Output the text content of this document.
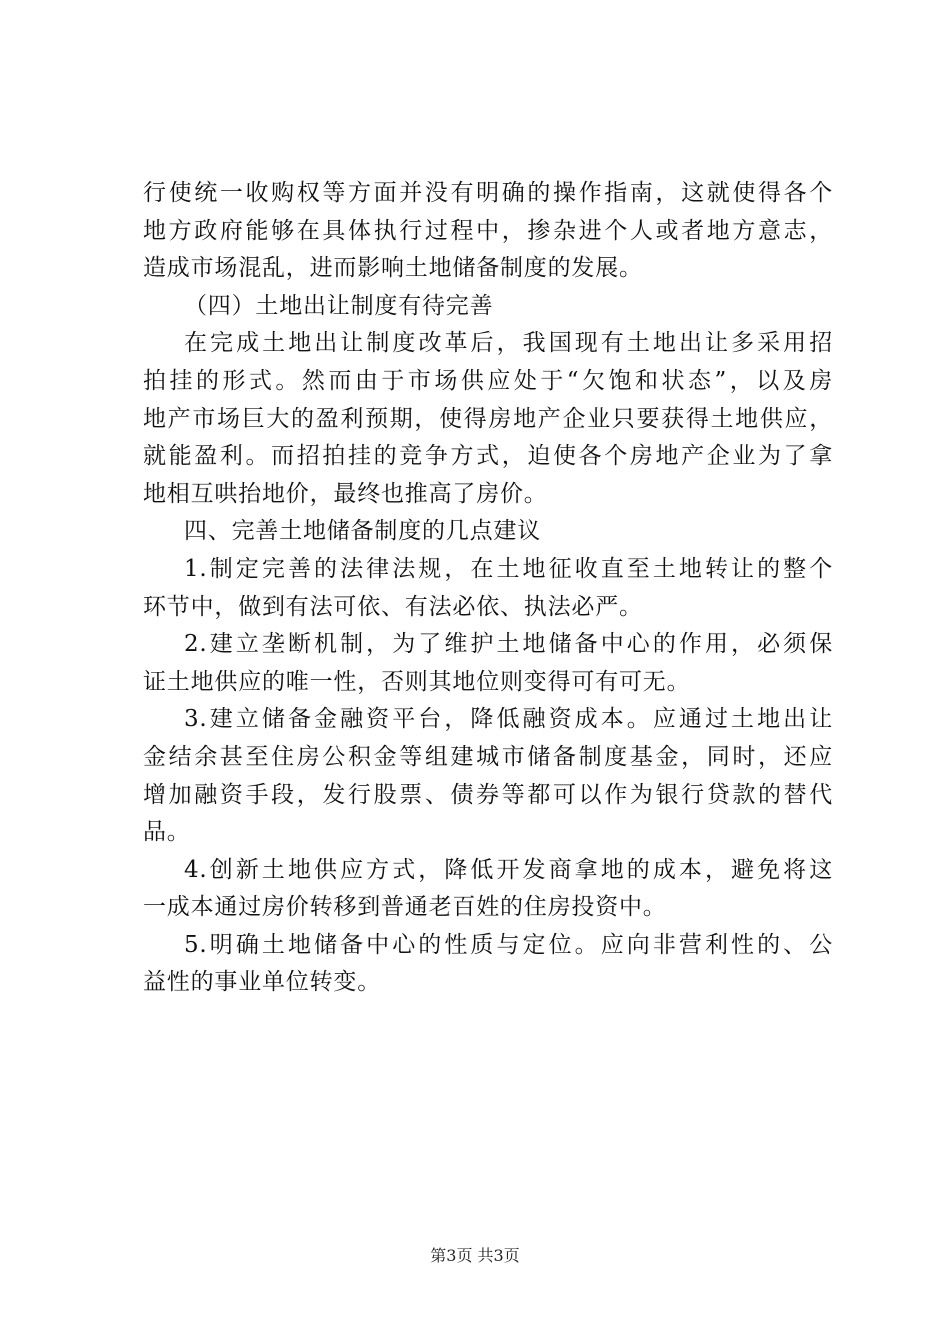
行使统一收购权等方面并没有明确的操作指南，这就使得各个
地方政府能够在具体执行过程中，掺杂进个人或者地方意志，
造成市场混乱，进而影响土地储备制度的发展。
（四）土地出让制度有待完善
在完成土地出让制度改革后，我国现有土地出让多采用招
拍挂的形式。然而由于市场供应处于“欠饱和状态”，以及房
地产市场巨大的盈利预期，使得房地产企业只要获得土地供应，
就能盈利。而招拍挂的竞争方式，迫使各个房地产企业为了拿
地相互哄抬地价，最终也推高了房价。
四、完善土地储备制度的几点建议
1.制定完善的法律法规，在土地征收直至土地转让的整个
环节中，做到有法可依、有法必依、执法必严。
2.建立垄断机制，为了维护土地储备中心的作用，必须保
证土地供应的唯一性，否则其地位则变得可有可无。
3.建立储备金融资平台，降低融资成本。应通过土地出让
金结余甚至住房公积金等组建城市储备制度基金，同时，还应
增加融资手段，发行股票、债券等都可以作为银行贷款的替代
品。
4.创新土地供应方式，降低开发商拿地的成本，避免将这
一成本通过房价转移到普通老百姓的住房投资中。
5.明确土地储备中心的性质与定位。应向非营利性的、公
益性的事业单位转变。
第3页 共3页
